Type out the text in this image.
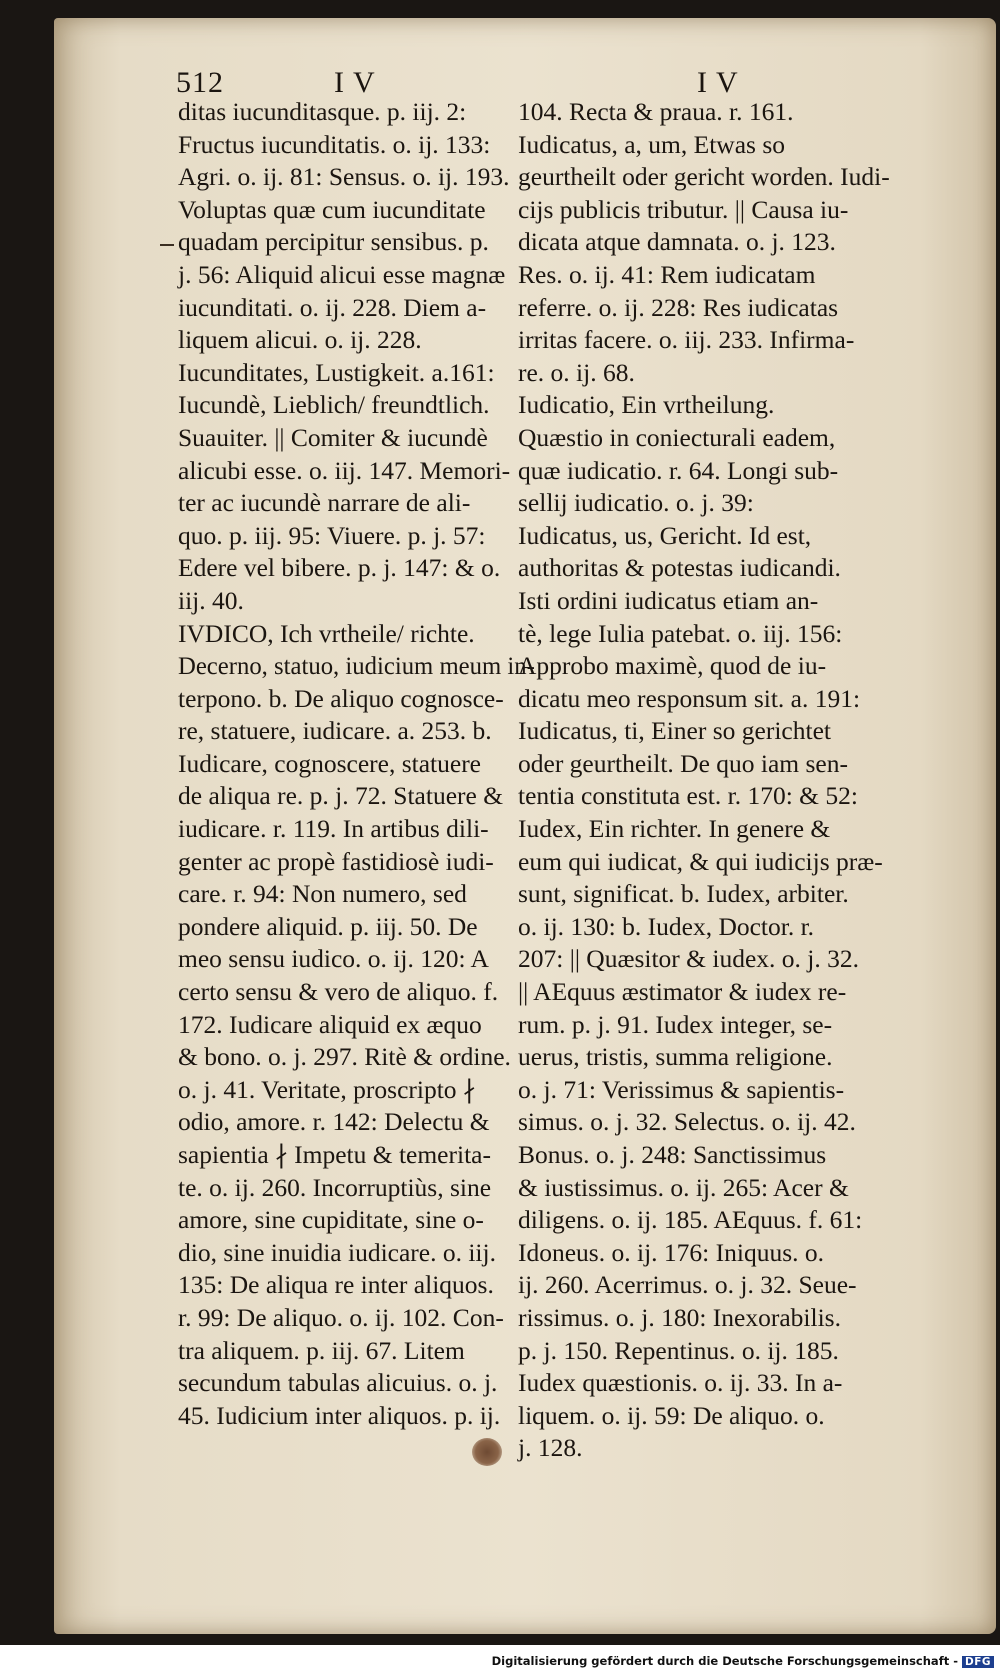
512	I V	I V
ditas iucunditasque. p. iij. 2:
Fructus iucunditatis. o. ij. 133:
Agri. o. ij. 81: Sensus. o. ij. 193.
Voluptas quæ cum iucunditate
quadam percipitur sensibus. p.
j. 56: Aliquid alicui esse magnæ
iucunditati. o. ij. 228. Diem a-
liquem alicui. o. ij. 228.
Iucunditates, Lustigkeit. a.161:
Iucundè, Lieblich/ freundtlich.
Suauiter. || Comiter & iucundè
alicubi esse. o. iij. 147. Memori-
ter ac iucundè narrare de ali-
quo. p. iij. 95: Viuere. p. j. 57:
Edere vel bibere. p. j. 147: & o.
iij. 40.
IVDICO, Ich vrtheile/ richte.
Decerno, statuo, iudicium meum in-
terpono. b. De aliquo cognosce-
re, statuere, iudicare. a. 253. b.
Iudicare, cognoscere, statuere
de aliqua re. p. j. 72. Statuere &
iudicare. r. 119. In artibus dili-
genter ac propè fastidiosè iudi-
care. r. 94: Non numero, sed
pondere aliquid. p. iij. 50. De
meo sensu iudico. o. ij. 120: A
certo sensu & vero de aliquo. f.
172. Iudicare aliquid ex æquo
& bono. o. j. 297. Ritè & ordine.
o. j. 41. Veritate, proscripto ∤
odio, amore. r. 142: Delectu &
sapientia ∤ Impetu & temerita-
te. o. ij. 260. Incorruptiùs, sine
amore, sine cupiditate, sine o-
dio, sine inuidia iudicare. o. iij.
135: De aliqua re inter aliquos.
r. 99: De aliquo. o. ij. 102. Con-
tra aliquem. p. iij. 67. Litem
secundum tabulas alicuius. o. j.
45. Iudicium inter aliquos. p. ij.
104. Recta & praua. r. 161.
Iudicatus, a, um, Etwas so
geurtheilt oder gericht worden. Iudi-
cijs publicis tributur. || Causa iu-
dicata atque damnata. o. j. 123.
Res. o. ij. 41: Rem iudicatam
referre. o. ij. 228: Res iudicatas
irritas facere. o. iij. 233. Infirma-
re. o. ij. 68.
Iudicatio, Ein vrtheilung.
Quæstio in coniecturali eadem,
quæ iudicatio. r. 64. Longi sub-
sellij iudicatio. o. j. 39:
Iudicatus, us, Gericht. Id est,
authoritas & potestas iudicandi.
Isti ordini iudicatus etiam an-
tè, lege Iulia patebat. o. iij. 156:
Approbo maximè, quod de iu-
dicatu meo responsum sit. a. 191:
Iudicatus, ti, Einer so gerichtet
oder geurtheilt. De quo iam sen-
tentia constituta est. r. 170: & 52:
Iudex, Ein richter. In genere &
eum qui iudicat, & qui iudicijs præ-
sunt, significat. b. Iudex, arbiter.
o. ij. 130: b. Iudex, Doctor. r.
207: || Quæsitor & iudex. o. j. 32.
|| AEquus æstimator & iudex re-
rum. p. j. 91. Iudex integer, se-
uerus, tristis, summa religione.
o. j. 71: Verissimus & sapientis-
simus. o. j. 32. Selectus. o. ij. 42.
Bonus. o. j. 248: Sanctissimus
& iustissimus. o. ij. 265: Acer &
diligens. o. ij. 185. AEquus. f. 61:
Idoneus. o. ij. 176: Iniquus. o.
ij. 260. Acerrimus. o. j. 32. Seue-
rissimus. o. j. 180: Inexorabilis.
p. j. 150. Repentinus. o. ij. 185.
Iudex quæstionis. o. ij. 33. In a-
liquem. o. ij. 59: De aliquo. o.
j. 128.
Digitalisierung gefördert durch die Deutsche Forschungsgemeinschaft - DFG
